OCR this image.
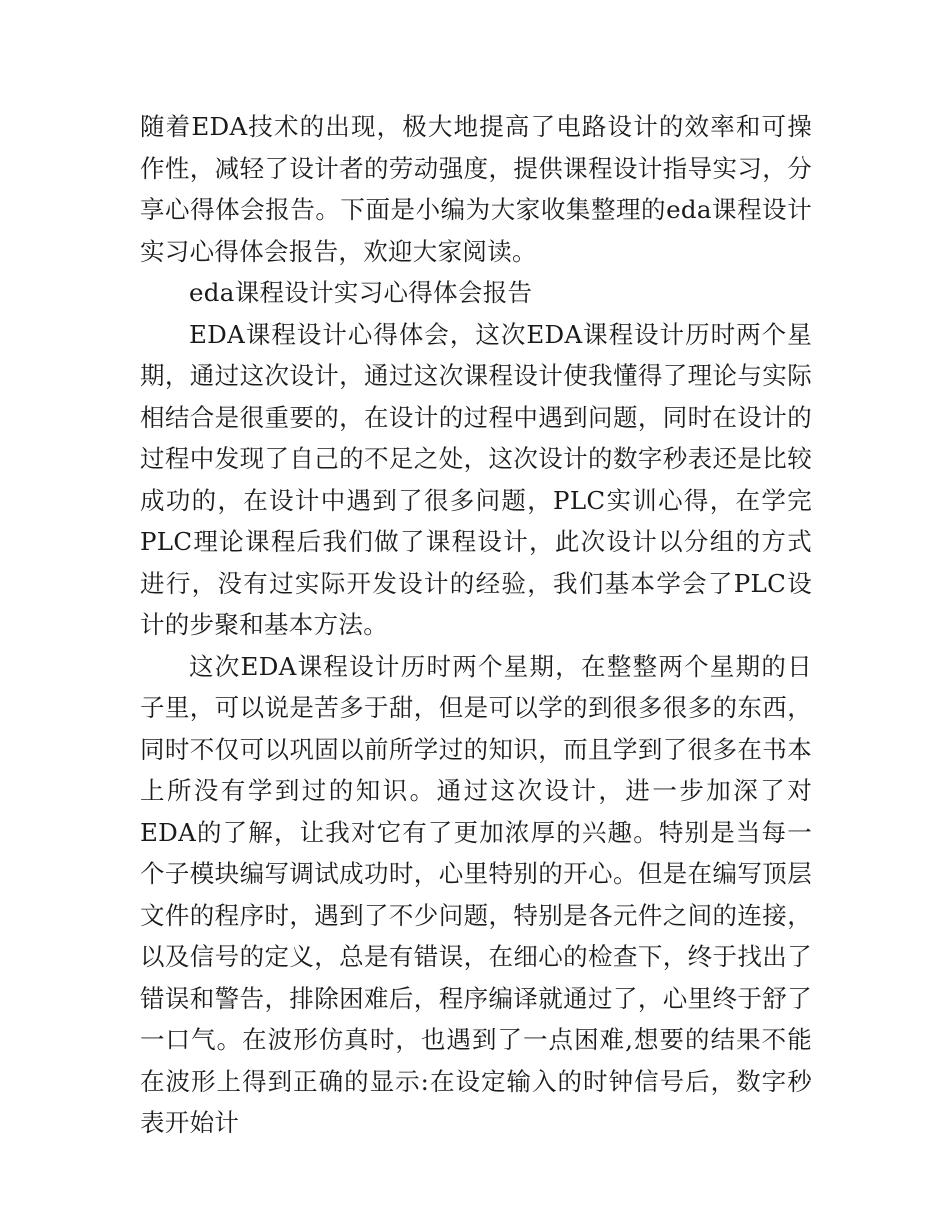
随着EDA技术的出现，极大地提高了电路设计的效率和可操作性，减轻了设计者的劳动强度，提供课程设计指导实习，分享心得体会报告。下面是小编为大家收集整理的eda课程设计实习心得体会报告，欢迎大家阅读。

eda课程设计实习心得体会报告

EDA课程设计心得体会，这次EDA课程设计历时两个星期，通过这次设计，通过这次课程设计使我懂得了理论与实际相结合是很重要的，在设计的过程中遇到问题，同时在设计的过程中发现了自己的不足之处，这次设计的数字秒表还是比较成功的，在设计中遇到了很多问题，PLC实训心得，在学完PLC理论课程后我们做了课程设计，此次设计以分组的方式进行，没有过实际开发设计的经验，我们基本学会了PLC设计的步聚和基本方法。

这次EDA课程设计历时两个星期，在整整两个星期的日子里，可以说是苦多于甜，但是可以学的到很多很多的东西，同时不仅可以巩固以前所学过的知识，而且学到了很多在书本上所没有学到过的知识。通过这次设计，进一步加深了对EDA的了解，让我对它有了更加浓厚的兴趣。特别是当每一个子模块编写调试成功时，心里特别的开心。但是在编写顶层文件的程序时，遇到了不少问题，特别是各元件之间的连接，以及信号的定义，总是有错误，在细心的检查下，终于找出了错误和警告，排除困难后，程序编译就通过了，心里终于舒了一口气。在波形仿真时，也遇到了一点困难,想要的结果不能在波形上得到正确的显示:在设定输入的时钟信号后，数字秒表开始计
